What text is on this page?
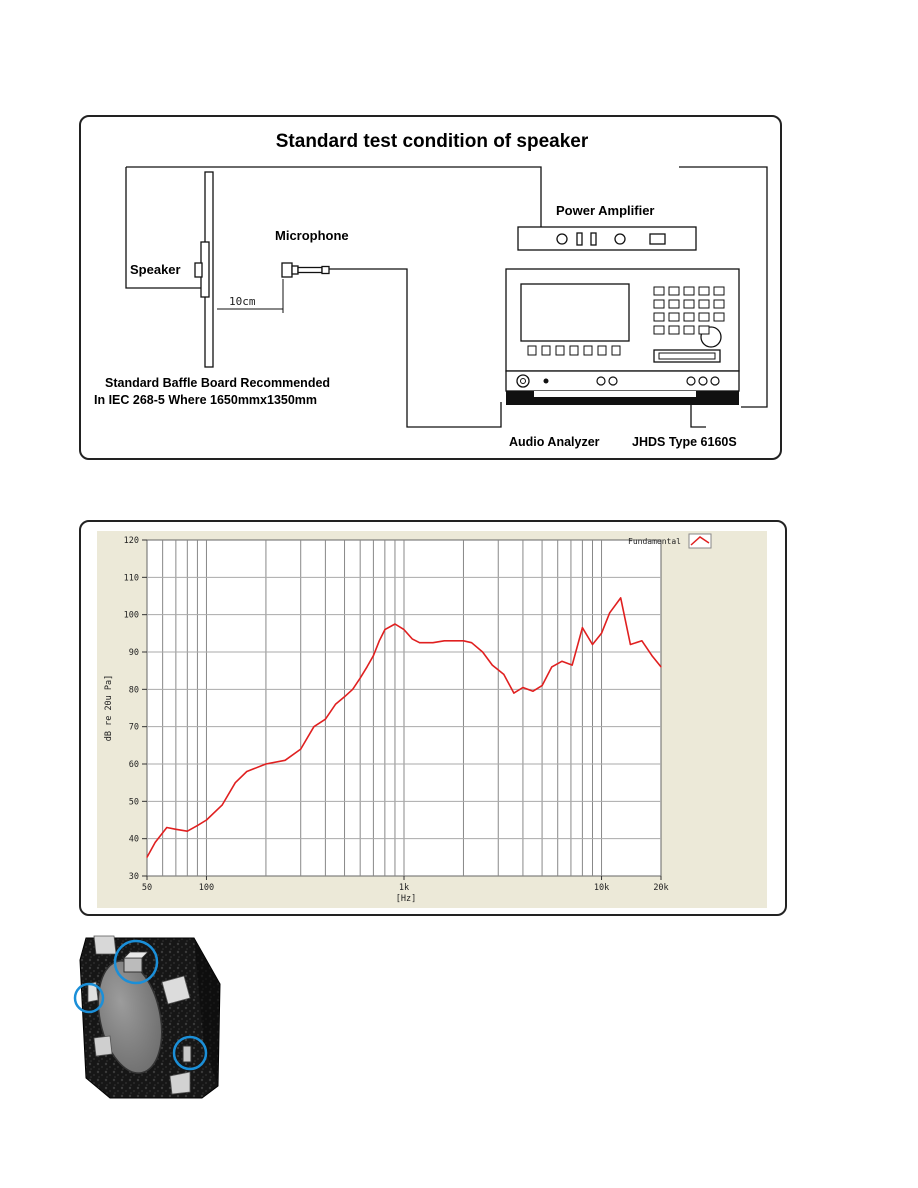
Standard test condition of speaker
Speaker
10cm
Microphone
Power Amplifier
Audio Analyzer	JHDS Type 6160S
Standard Baffle Board Recommended
In IEC 268-5 Where 1650mmx1350mm
30
40
50
60
70
80
90
100
110
120
50	100	1k	10k	20k
dB re 20u Pa]
[Hz]
Fundamental
